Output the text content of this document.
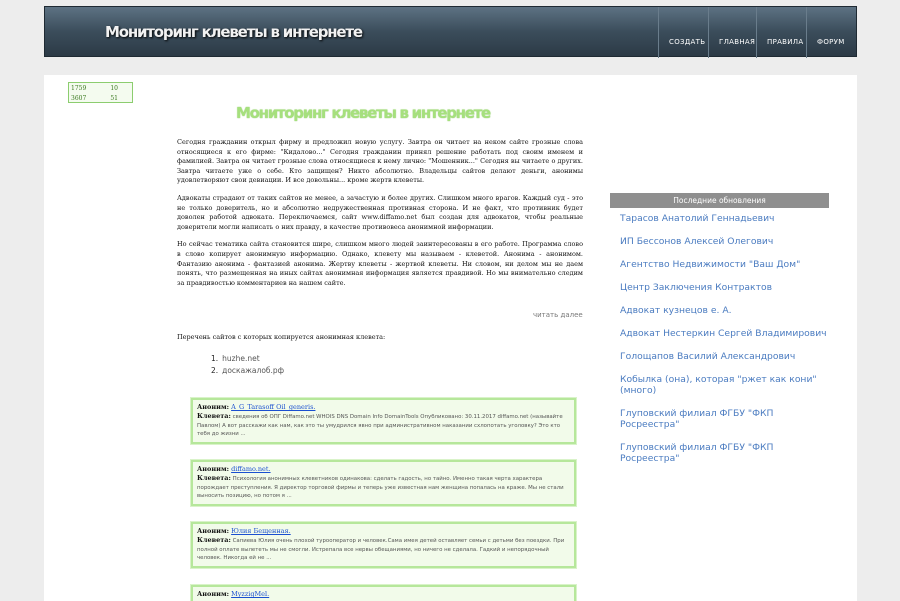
Мониторинг клеветы в интернете
СОЗДАТЬ	ГЛАВНАЯ	ПРАВИЛА	ФОРУМ
1759	10
3607	51
Мониторинг клеветы в интернете

Сегодня гражданин открыл фирму и предложил новую услугу. Завтра он читает на неком сайте грозные слова относящиеся к его фирме: "Кидалово..." Сегодня гражданин принял решение работать под своим именем и фамилией. Завтра он читает грозные слова относящиеся к нему лично: "Мошенник..." Сегодня вы читаете о других. Завтра читаете уже о себе. Кто защищен? Никто абсолютно. Владельцы сайтов делают деньги, анонимы удовлетворяют свои девиации. И все довольны... кроме жертв клеветы.

Адвокаты страдают от таких сайтов не менее, а зачастую и более других. Слишком много врагов. Каждый суд - это не только доверитель, но и абсолютно недружественная противная сторона. И не факт, что противник будет доволен работой адвоката. Переключаемся, сайт www.diffamo.net был создан для адвокатов, чтобы реальные доверители могли написать о них правду, в качестве противовеса анонимной информации.

Но сейчас тематика сайта становится шире, слишком много людей заинтересованы в его работе. Программа слово в слово копирует анонимную информацию. Однако, клевету мы называем - клеветой. Анонима - анонимом. Фантазию анонима - фантазией анонима. Жертву клеветы - жертвой клеветы. Ни словом, ни делом мы не даем понять, что размещенная на иных сайтах анонимная информация является правдивой. Но мы внимательно следим за правдивостью комментариев на нашем сайте.

читать далее
Перечень сайтов с которых копируется анонимная клевета:
1. huzhe.net
2. доскажалоб.рф
Аноним: A_G_Tarasoff Oil_generis.
Клевета: сведения об ОПГ Diffamo.net WHOIS DNS Domain Info DomainTools Опубликовано: 30.11.2017 diffamo.net (называйте Павлом) А вот расскажи как нам, как это ты умудрился явно при административном наказании схлопотать уголовку? Это кто тебя до жизни ...
Аноним: diffamo.net.
Клевета: Психология анонимных клеветников одинакова: сделать гадость, но тайно. Именно такая черта характера порождает преступления. Я директор торговой фирмы и теперь уже известная нам женщина попалась на краже. Мы не стали выносить позицию, но потом я ...
Аноним: Юлия Бещенная.
Клевета: Сапиева Юлия очень плохой турооператор и человек.Сама имея детей оставляет семьи с детьми без поездки. При полной оплате вылететь мы не смогли. Истрепала все нервы обещаниями, но ничего не сделала. Гадкий и непорядочный человек. Никогда ей не ...
Аноним: MyzzigMel.
Последние обновления
Тарасов Анатолий Геннадьевич
ИП Бессонов Алексей Олегович
Агентство Недвижимости "Ваш Дом"
Центр Заключения Контрактов
Адвокат кузнецов е. А.
Адвокат Нестеркин Сергей Владимирович
Голощапов Василий Александрович
Кобылка (она), которая "ржет как кони" (много)
Глуповский филиал ФГБУ "ФКП Росреестра"
Глуповский филиал ФГБУ "ФКП Росреестра"
